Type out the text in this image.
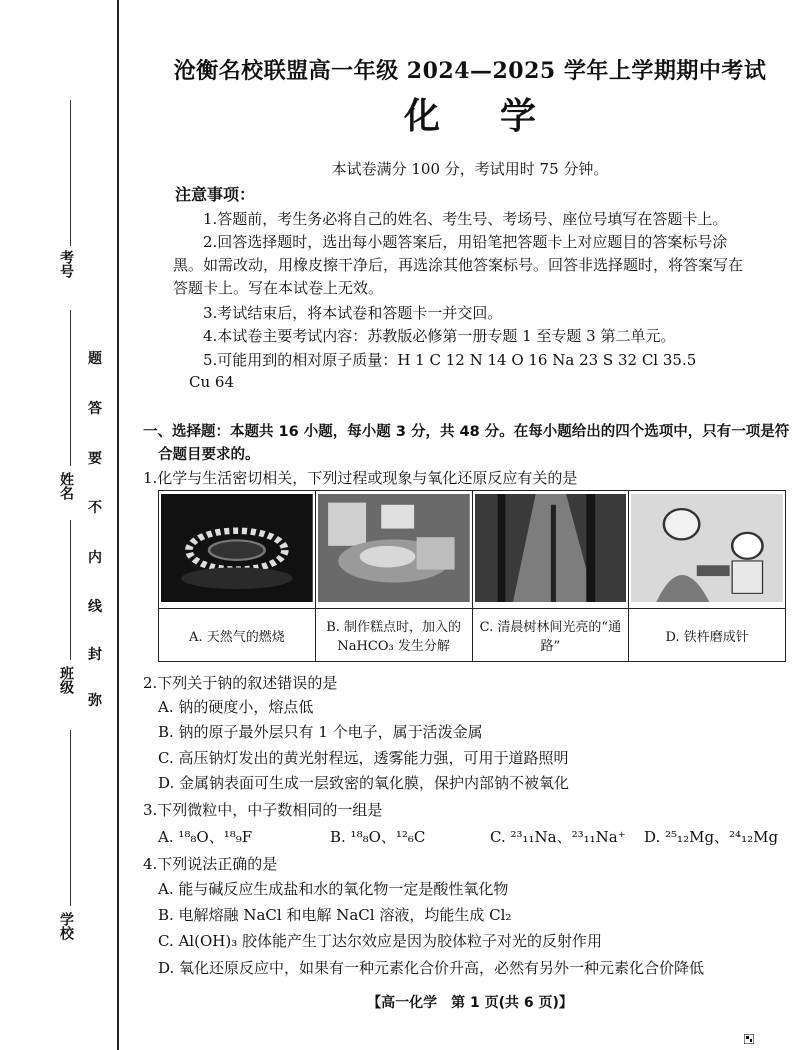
考号
姓名
班级
学校
题
答
要
不
内
线
封
弥
沧衡名校联盟高一年级 2024—2025 学年上学期期中考试
化学
本试卷满分 100 分，考试用时 75 分钟。
注意事项：
1.答题前，考生务必将自己的姓名、考生号、考场号、座位号填写在答题卡上。
2.回答选择题时，选出每小题答案后，用铅笔把答题卡上对应题目的答案标号涂
黑。如需改动，用橡皮擦干净后，再选涂其他答案标号。回答非选择题时，将答案写在
答题卡上。写在本试卷上无效。
3.考试结束后，将本试卷和答题卡一并交回。
4.本试卷主要考试内容：苏教版必修第一册专题 1 至专题 3 第二单元。
5.可能用到的相对原子质量：H 1 C 12 N 14 O 16 Na 23 S 32 Cl 35.5
Cu 64
一、选择题：本题共 16 小题，每小题 3 分，共 48 分。在每小题给出的四个选项中，只有一项是符
合题目要求的。
1.化学与生活密切相关，下列过程或现象与氧化还原反应有关的是

A. 天然气的燃烧	B. 制作糕点时，加入的
NaHCO₃ 发生分解	C. 清晨树林间光亮的“通路”	D. 铁杵磨成针
2.下列关于钠的叙述错误的是
A. 钠的硬度小，熔点低
B. 钠的原子最外层只有 1 个电子，属于活泼金属
C. 高压钠灯发出的黄光射程远，透雾能力强，可用于道路照明
D. 金属钠表面可生成一层致密的氧化膜，保护内部钠不被氧化
3.下列微粒中，中子数相同的一组是
A. ¹⁸₈O、¹⁸₉F	B. ¹⁸₈O、¹²₆C	C. ²³₁₁Na、²³₁₁Na⁺ D. ²⁵₁₂Mg、²⁴₁₂Mg
4.下列说法正确的是
A. 能与碱反应生成盐和水的氧化物一定是酸性氧化物
B. 电解熔融 NaCl 和电解 NaCl 溶液，均能生成 Cl₂
C. Al(OH)₃ 胶体能产生丁达尔效应是因为胶体粒子对光的反射作用
D. 氧化还原反应中，如果有一种元素化合价升高，必然有另外一种元素化合价降低
【高一化学　第 1 页(共 6 页)】
